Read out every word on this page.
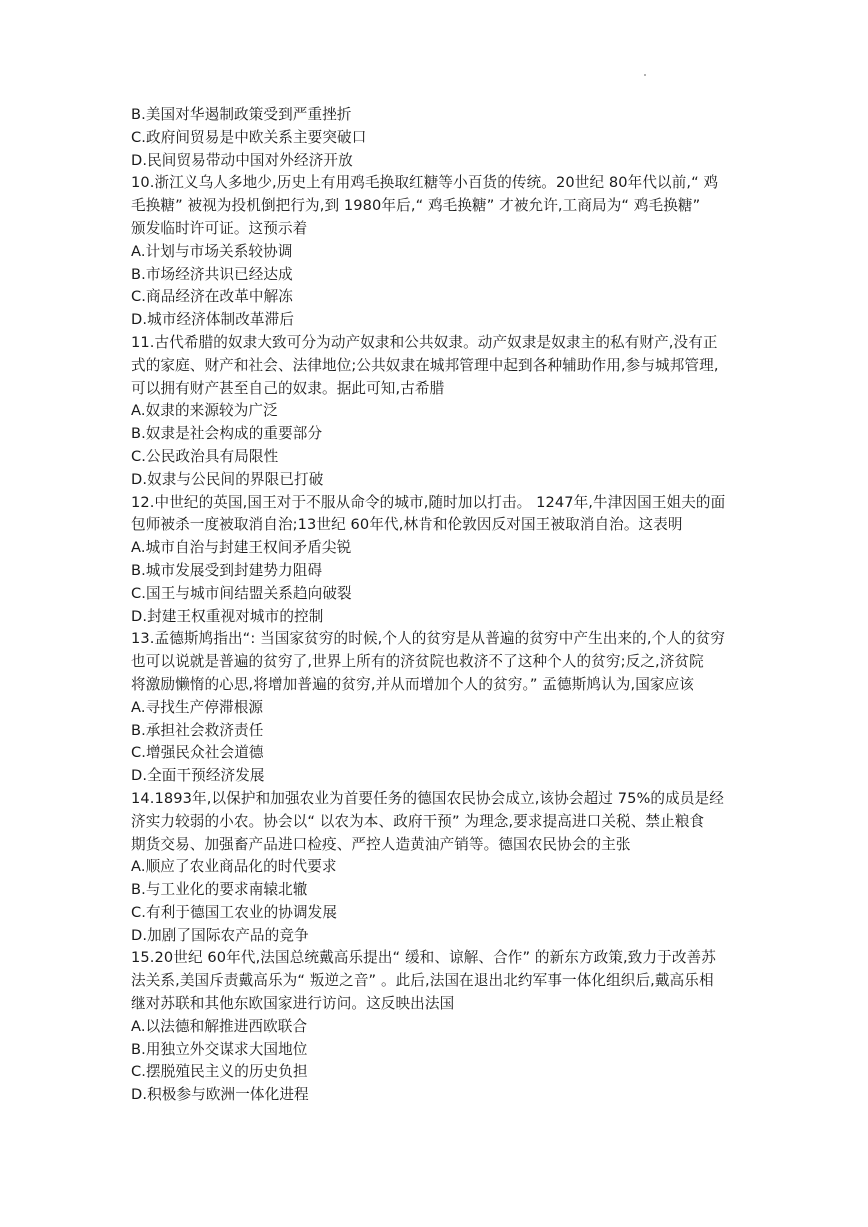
B.美国对华遏制政策受到严重挫折
C.政府间贸易是中欧关系主要突破口
D.民间贸易带动中国对外经济开放
10.浙江义乌人多地少,历史上有用鸡毛换取红糖等小百货的传统。20世纪 80年代以前,“ 鸡
毛换糖” 被视为投机倒把行为,到 1980年后,“ 鸡毛换糖” 才被允许,工商局为“ 鸡毛换糖”
颁发临时许可证。这预示着
A.计划与市场关系较协调
B.市场经济共识已经达成
C.商品经济在改革中解冻
D.城市经济体制改革滞后
11.古代希腊的奴隶大致可分为动产奴隶和公共奴隶。动产奴隶是奴隶主的私有财产,没有正
式的家庭、财产和社会、法律地位;公共奴隶在城邦管理中起到各种辅助作用,参与城邦管理,
可以拥有财产甚至自己的奴隶。据此可知,古希腊
A.奴隶的来源较为广泛
B.奴隶是社会构成的重要部分
C.公民政治具有局限性
D.奴隶与公民间的界限已打破
12.中世纪的英国,国王对于不服从命令的城市,随时加以打击。 1247年,牛津因国王姐夫的面
包师被杀一度被取消自治;13世纪 60年代,林肯和伦敦因反对国王被取消自治。这表明
A.城市自治与封建王权间矛盾尖锐
B.城市发展受到封建势力阻碍
C.国王与城市间结盟关系趋向破裂
D.封建王权重视对城市的控制
13.孟德斯鸠指出“: 当国家贫穷的时候,个人的贫穷是从普遍的贫穷中产生出来的,个人的贫穷
也可以说就是普遍的贫穷了,世界上所有的济贫院也救济不了这种个人的贫穷;反之,济贫院
将激励懒惰的心思,将增加普遍的贫穷,并从而增加个人的贫穷。” 孟德斯鸠认为,国家应该
A.寻找生产停滞根源
B.承担社会救济责任
C.增强民众社会道德
D.全面干预经济发展
14.1893年,以保护和加强农业为首要任务的德国农民协会成立,该协会超过 75%的成员是经
济实力较弱的小农。协会以“ 以农为本、政府干预” 为理念,要求提高进口关税、禁止粮食
期货交易、加强畜产品进口检疫、严控人造黄油产销等。德国农民协会的主张
A.顺应了农业商品化的时代要求
B.与工业化的要求南辕北辙
C.有利于德国工农业的协调发展
D.加剧了国际农产品的竞争
15.20世纪 60年代,法国总统戴高乐提出“ 缓和、谅解、合作” 的新东方政策,致力于改善苏
法关系,美国斥责戴高乐为“ 叛逆之音” 。此后,法国在退出北约军事一体化组织后,戴高乐相
继对苏联和其他东欧国家进行访问。这反映出法国
A.以法德和解推进西欧联合
B.用独立外交谋求大国地位
C.摆脱殖民主义的历史负担
D.积极参与欧洲一体化进程
